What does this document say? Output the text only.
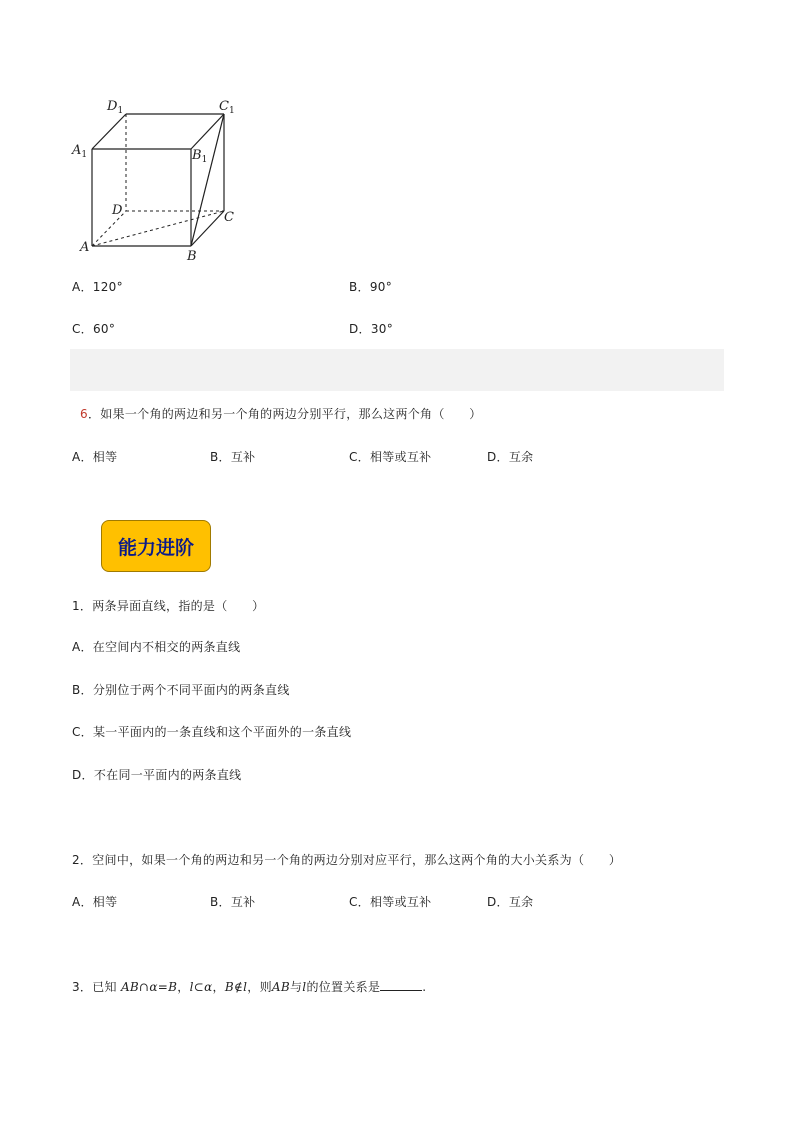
$D_1$	$C_1$
$A_1$	$B_1$
D	C
A
B
A．120°	B．90°
C．60°	D．30°
6．如果一个角的两边和另一个角的两边分别平行，那么这两个角（　　）
A．相等	B．互补	C．相等或互补	D．互余
能力进阶
1．两条异面直线，指的是（　　）
A．在空间内不相交的两条直线
B．分别位于两个不同平面内的两条直线
C．某一平面内的一条直线和这个平面外的一条直线
D．不在同一平面内的两条直线
2．空间中，如果一个角的两边和另一个角的两边分别对应平行，那么这两个角的大小关系为（　　）
A．相等	B．互补	C．相等或互补	D．互余
3．已知 AB∩α=B，l⊂α，B∉l，则AB与l的位置关系是	.
